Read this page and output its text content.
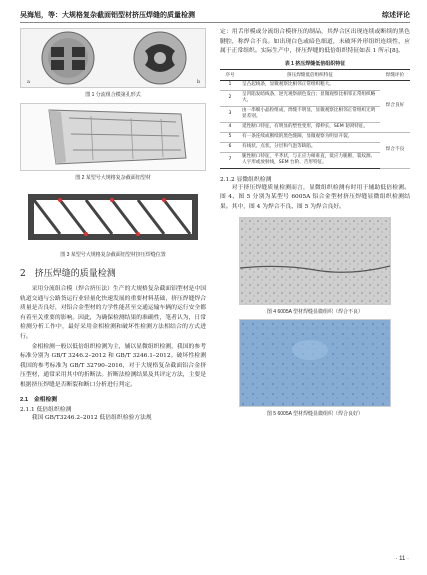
吴海旭，等：大规格复杂截面铝型材挤压焊缝的质量检测	综述评论
a	b
图 1 分流组合模第孔形式
图 2 某型号大规格复杂截面铝型材
图 3 某型号大规格复杂截面铝型材挤压焊缝位置
2　挤压焊缝的质量检测

采用分流组合模（焊合挤压法）生产的大规格复杂截面铝型材是中国轨道交通与公路货运行业轻量化快速发展的重要材料基础，挤压焊缝焊合质量是否良好，对铝合金型材的力学性能甚至交通运输车辆的运行安全都有着至关重要的影响。因此，为确保检测结果的准确性，笔者认为，日常检测分析工作中，最好采用金相检测和破坏性检测方法相结合的方式进行。

金相检测一般以低倍组织检测为主，辅以显微组织检测，我国的参考标准分别为 GB/T 3246.2–2012 和 GB/T 3246.1–2012。破坏性检测我国的参考标准为 GB/T 32790–2016，对于大规格复杂截面铝合金挤压型材，通常采用其中的折断法。折断法检测结果及其评定方法，主要是根据挤压焊缝是否断裂和断口分析进行判定。

2.1　金相检测
2.1.1 低倍组织检测

我国 GB/T3246.2–2012 低倍组织检验方法规

定：用舌形模或分流组合模挤压的制品，其焊合区出现连续或断续的黑色腱腔，称焊合不良。如出现白色或暗色细道，未破坏外形组织连续性，应属于正常组织。实际生产中，挤压焊缝的低倍组织特征如表 1 所示[8]。

表 1 挤压焊缝低倍组织特征
序号	挤压焊缝低倍组织特征	焊缝评价
1	呈凸起线条，显微观察比相邻正常组织粗大。	焊合良好
2	呈凹陷发暗线条，逆光观察颜色发白；显微观察比相邻正常组织略大。	
3	由一串细小晶粒组成，焊缝不明显，显微观察比相邻正常组织无明显差别。	
4	延性断口特征，有明显的塑性变形，撑伸长，SEM 韧窝特征。	
5	有一条连续或断续的黑色缝隙，显微观察为明显开裂。	焊合不良
6	有线状、点状、分层和气泡等缺陷。	
7	脆性断口特征，平齐状，与正应力相垂直，低应力脆断，裂纹源、人字形或放射线，SEM 台阶、舌形特征。	
2.1.2 显微组织检测

对于挤压焊缝质量检测而言，显微组织检测有时用于辅助低倍检测。图 4、图 5 分别为某型号 6005A 铝合金型材挤压焊缝显微组织检测结果。其中，图 4 为焊合不良、图 5 为焊合良好。

图 4 6005A 型材焊缝显微组织（焊合不良）
图 5 6005A 型材焊缝显微组织（焊合良好）
· 11 ·
